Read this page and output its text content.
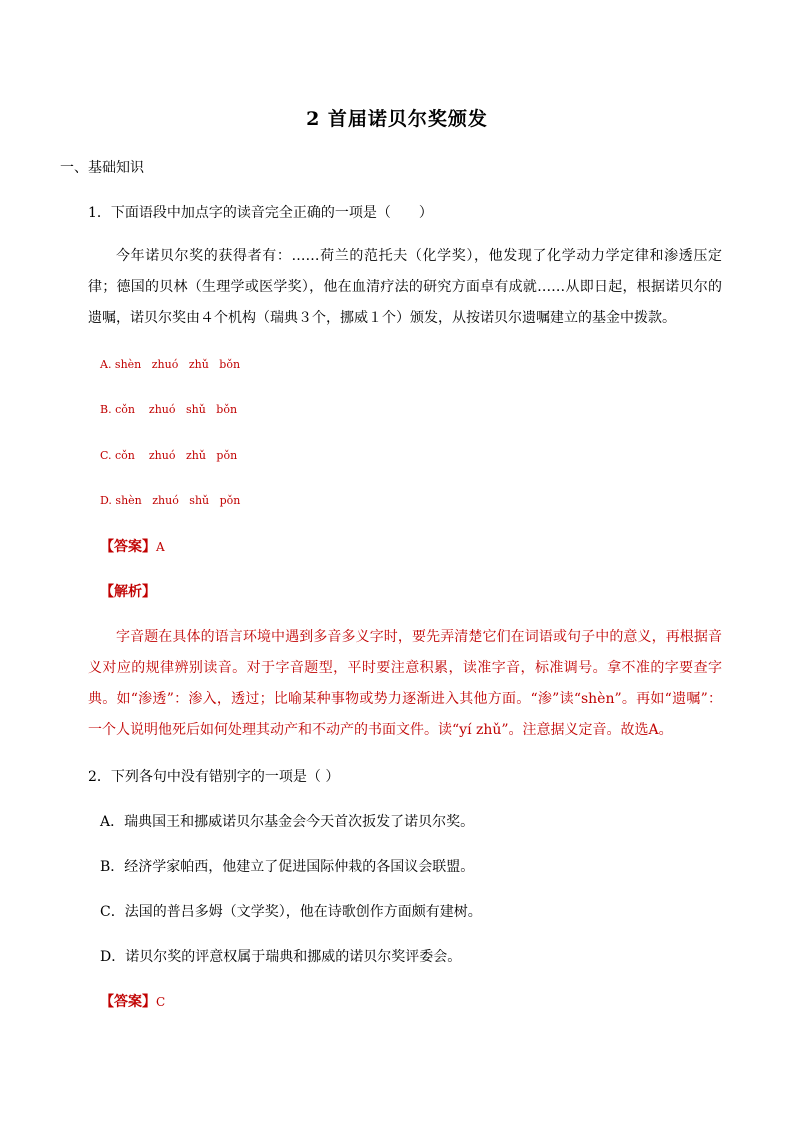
2 首届诺贝尔奖颁发
一、基础知识
1．下面语段中加点字的读音完全正确的一项是（　　）
今年诺贝尔奖的获得者有：……荷兰的范托夫（化学奖），他发现了化学动力学定律和渗透压定律；德国的贝林（生理学或医学奖），他在血清疗法的研究方面卓有成就……从即日起，根据诺贝尔的遗嘱，诺贝尔奖由４个机构（瑞典３个，挪威１个）颁发，从按诺贝尔遗嘱建立的基金中拨款。
A. shèn   zhuó   zhǔ   bǒn
B. cǒn    zhuó   shǔ   bǒn
C. cǒn    zhuó   zhǔ   pǒn
D. shèn   zhuó   shǔ   pǒn
【答案】A
【解析】
字音题在具体的语言环境中遇到多音多义字时，要先弄清楚它们在词语或句子中的意义，再根据音义对应的规律辨别读音。对于字音题型，平时要注意积累，读准字音，标准调号。拿不准的字要查字典。如“渗透”：渗入，透过；比喻某种事物或势力逐渐进入其他方面。“渗”读“shèn”。再如“遗嘱”：一个人说明他死后如何处理其动产和不动产的书面文件。读“yí zhǔ”。注意据义定音。故选A。
2．下列各句中没有错别字的一项是（ ）
A．瑞典国王和挪威诺贝尔基金会今天首次扳发了诺贝尔奖。
B．经济学家帕西，他建立了促进国际仲栽的各国议会联盟。
C．法国的普吕多姆（文学奖），他在诗歌创作方面颇有建树。
D．诺贝尔奖的评意权属于瑞典和挪威的诺贝尔奖评委会。
【答案】C
